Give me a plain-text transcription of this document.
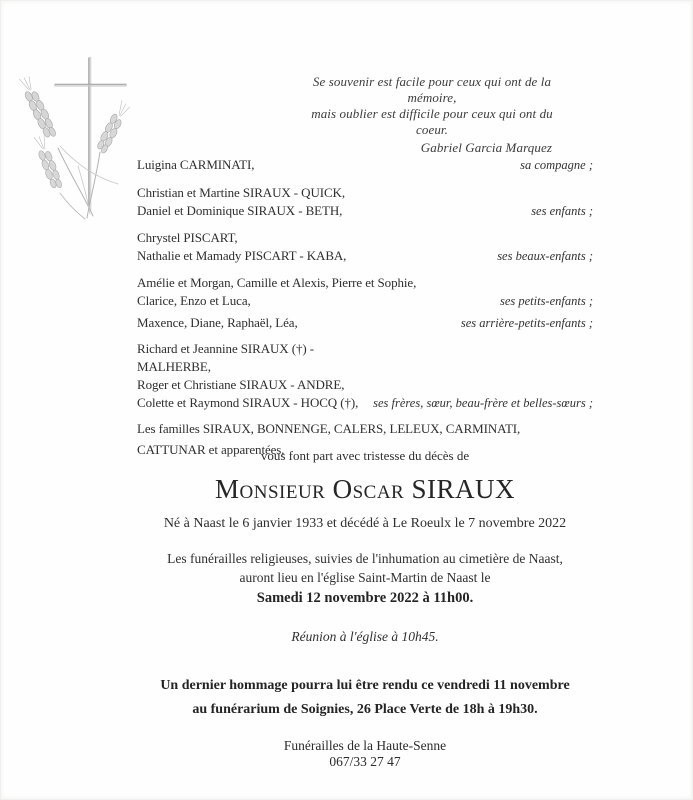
Se souvenir est facile pour ceux qui ont de la mémoire,
mais oublier est difficile pour ceux qui ont du coeur.
Gabriel Garcia Marquez
Luigina CARMINATI,	sa compagne ;
Christian et Martine SIRAUX - QUICK,
Daniel et Dominique SIRAUX - BETH,	ses enfants ;
Chrystel PISCART,
Nathalie et Mamady PISCART - KABA,	ses beaux-enfants ;
Amélie et Morgan, Camille et Alexis, Pierre et Sophie,
Clarice, Enzo et Luca,	ses petits-enfants ;
Maxence, Diane, Raphaël, Léa,	ses arrière-petits-enfants ;
Richard et Jeannine SIRAUX (†) - MALHERBE,
Roger et Christiane SIRAUX - ANDRE,
Colette et Raymond SIRAUX - HOCQ (†),	ses frères, sœur, beau-frère et belles-sœurs ;
Les familles SIRAUX, BONNENGE, CALERS, LELEUX, CARMINATI,
CATTUNAR et apparentées,
vous font part avec tristesse du décès de
Monsieur Oscar SIRAUX
Né à Naast le 6 janvier 1933 et décédé à Le Roeulx le 7 novembre 2022
Les funérailles religieuses, suivies de l'inhumation au cimetière de Naast,
auront lieu en l'église Saint-Martin de Naast le
Samedi 12 novembre 2022 à 11h00.
Réunion à l'église à 10h45.
Un dernier hommage pourra lui être rendu ce vendredi 11 novembre
au funérarium de Soignies, 26 Place Verte de 18h à 19h30.
Funérailles de la Haute-Senne
067/33 27 47
